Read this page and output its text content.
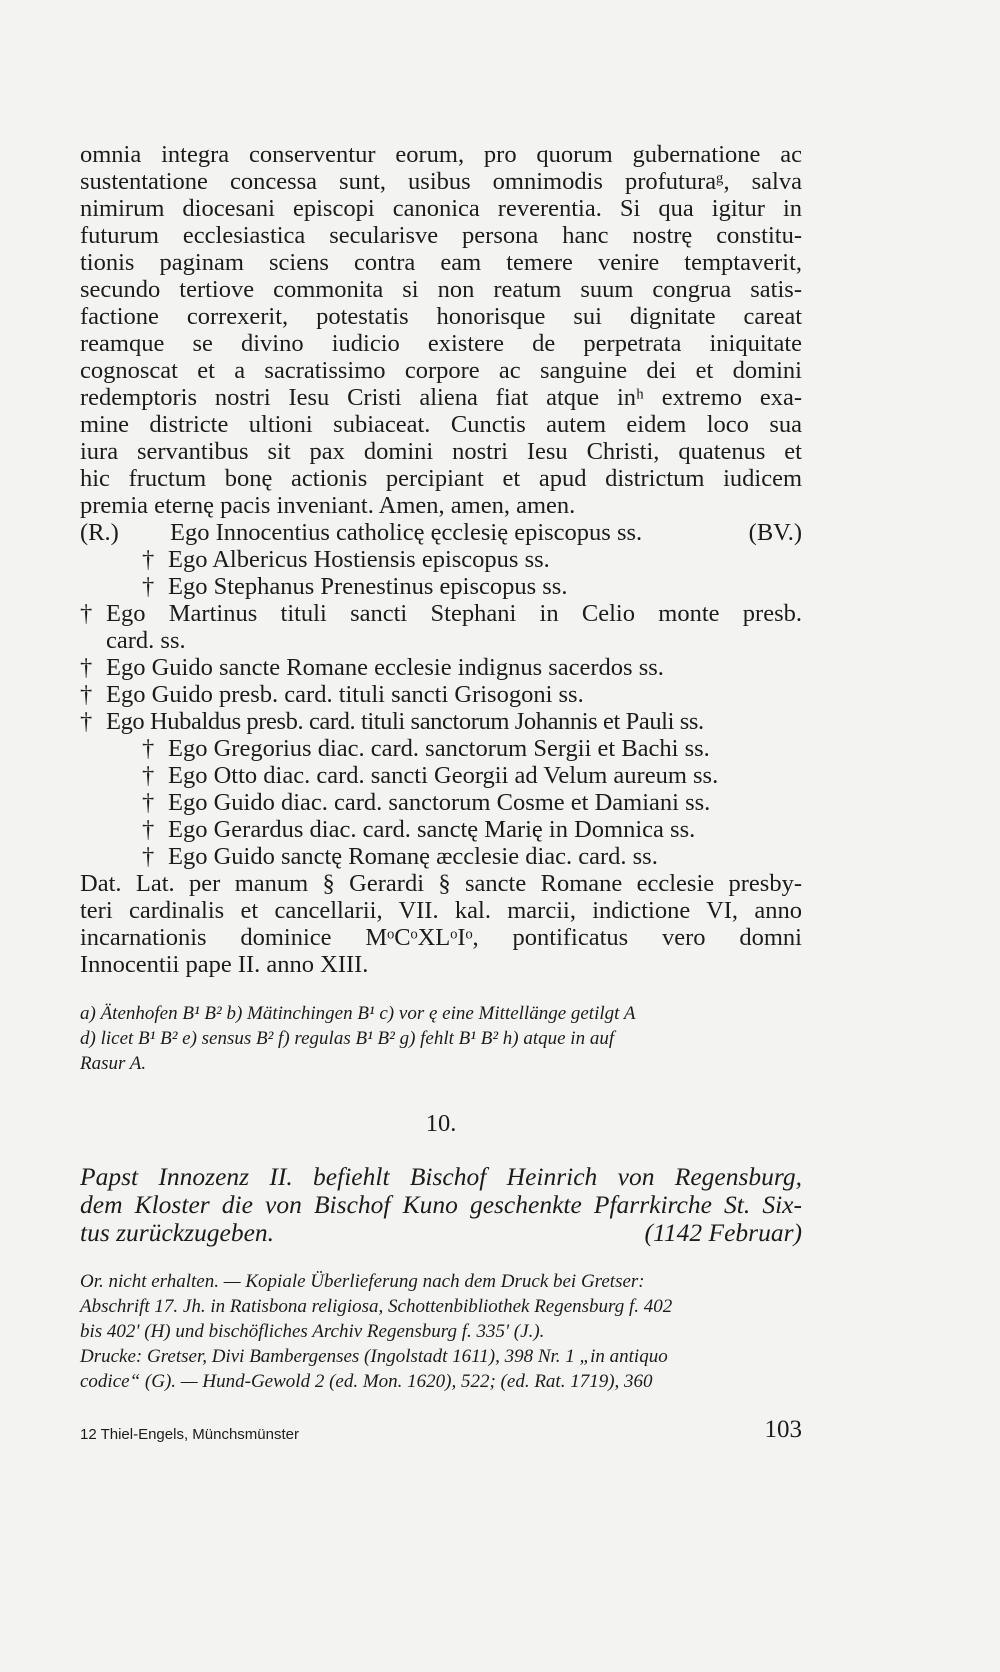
omnia integra conserventur eorum, pro quorum gubernatione ac
sustentatione concessa sunt, usibus omnimodis profuturaᵍ, salva
nimirum diocesani episcopi canonica reverentia. Si qua igitur in
futurum ecclesiastica secularisve persona hanc nostrę constitu-
tionis paginam sciens contra eam temere venire temptaverit,
secundo tertiove commonita si non reatum suum congrua satis-
factione correxerit, potestatis honorisque sui dignitate careat
reamque se divino iudicio existere de perpetrata iniquitate
cognoscat et a sacratissimo corpore ac sanguine dei et domini
redemptoris nostri Iesu Cristi aliena fiat atque inʰ extremo exa-
mine districte ultioni subiaceat. Cunctis autem eidem loco sua
iura servantibus sit pax domini nostri Iesu Christi, quatenus et
hic fructum bonę actionis percipiant et apud districtum iudicem
premia eternę pacis inveniant. Amen, amen, amen.
(R.) Ego Innocentius catholicę ęcclesię episcopus ss.	(BV.)
† Ego Albericus Hostiensis episcopus ss.
† Ego Stephanus Prenestinus episcopus ss.
† Ego Martinus tituli sancti Stephani in Celio monte presb.
card. ss.
† Ego Guido sancte Romane ecclesie indignus sacerdos ss.
† Ego Guido presb. card. tituli sancti Grisogoni ss.
† Ego Hubaldus presb. card. tituli sanctorum Johannis et Pauli ss.
† Ego Gregorius diac. card. sanctorum Sergii et Bachi ss.
† Ego Otto diac. card. sancti Georgii ad Velum aureum ss.
† Ego Guido diac. card. sanctorum Cosme et Damiani ss.
† Ego Gerardus diac. card. sanctę Marię in Domnica ss.
† Ego Guido sanctę Romanę æcclesie diac. card. ss.
Dat. Lat. per manum § Gerardi § sancte Romane ecclesie presby-
teri cardinalis et cancellarii, VII. kal. marcii, indictione VI, anno
incarnationis dominice MᵒCᵒXLᵒIᵒ, pontificatus vero domni
Innocentii pape II. anno XIII.
a) Ätenhofen B¹ B² b) Mätinchingen B¹ c) vor ę eine Mittellänge getilgt A
d) licet B¹ B² e) sensus B² f) regulas B¹ B² g) fehlt B¹ B² h) atque in auf
Rasur A.
10.
Papst Innozenz II. befiehlt Bischof Heinrich von Regensburg,
dem Kloster die von Bischof Kuno geschenkte Pfarrkirche St. Six-
tus zurückzugeben.	(1142 Februar)
Or. nicht erhalten. — Kopiale Überlieferung nach dem Druck bei Gretser:
Abschrift 17. Jh. in Ratisbona religiosa, Schottenbibliothek Regensburg f. 402
bis 402' (H) und bischöfliches Archiv Regensburg f. 335' (J.).
Drucke: Gretser, Divi Bambergenses (Ingolstadt 1611), 398 Nr. 1 „in antiquo
codice“ (G). — Hund-Gewold 2 (ed. Mon. 1620), 522; (ed. Rat. 1719), 360
12 Thiel-Engels, Münchsmünster	103
